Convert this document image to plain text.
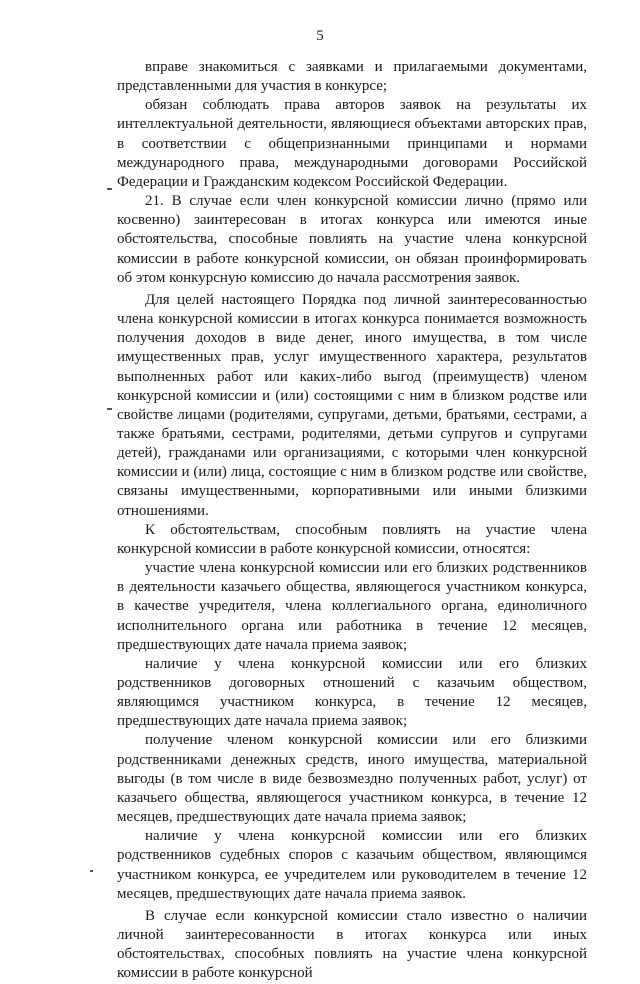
5

вправе знакомиться с заявками и прилагаемыми документами, представленными для участия в конкурсе;

обязан соблюдать права авторов заявок на результаты их интеллектуальной деятельности, являющиеся объектами авторских прав, в соответствии с общепризнанными принципами и нормами международного права, международными договорами Российской Федерации и Гражданским кодексом Российской Федерации.

21. В случае если член конкурсной комиссии лично (прямо или косвенно) заинтересован в итогах конкурса или имеются иные обстоятельства, способные повлиять на участие члена конкурсной комиссии в работе конкурсной комиссии, он обязан проинформировать об этом конкурсную комиссию до начала рассмотрения заявок.

Для целей настоящего Порядка под личной заинтересованностью члена конкурсной комиссии в итогах конкурса понимается возможность получения доходов в виде денег, иного имущества, в том числе имущественных прав, услуг имущественного характера, результатов выполненных работ или каких-либо выгод (преимуществ) членом конкурсной комиссии и (или) состоящими с ним в близком родстве или свойстве лицами (родителями, супругами, детьми, братьями, сестрами, а также братьями, сестрами, родителями, детьми супругов и супругами детей), гражданами или организациями, с которыми член конкурсной комиссии и (или) лица, состоящие с ним в близком родстве или свойстве, связаны имущественными, корпоративными или иными близкими отношениями.

К обстоятельствам, способным повлиять на участие члена конкурсной комиссии в работе конкурсной комиссии, относятся:

участие члена конкурсной комиссии или его близких родственников в деятельности казачьего общества, являющегося участником конкурса, в качестве учредителя, члена коллегиального органа, единоличного исполнительного органа или работника в течение 12 месяцев, предшествующих дате начала приема заявок;

наличие у члена конкурсной комиссии или его близких родственников договорных отношений с казачьим обществом, являющимся участником конкурса, в течение 12 месяцев, предшествующих дате начала приема заявок;

получение членом конкурсной комиссии или его близкими родственниками денежных средств, иного имущества, материальной выгоды (в том числе в виде безвозмездно полученных работ, услуг) от казачьего общества, являющегося участником конкурса, в течение 12 месяцев, предшествующих дате начала приема заявок;

наличие у члена конкурсной комиссии или его близких родственников судебных споров с казачьим обществом, являющимся участником конкурса, ее учредителем или руководителем в течение 12 месяцев, предшествующих дате начала приема заявок.

В случае если конкурсной комиссии стало известно о наличии личной заинтересованности в итогах конкурса или иных обстоятельствах, способных повлиять на участие члена конкурсной комиссии в работе конкурсной
